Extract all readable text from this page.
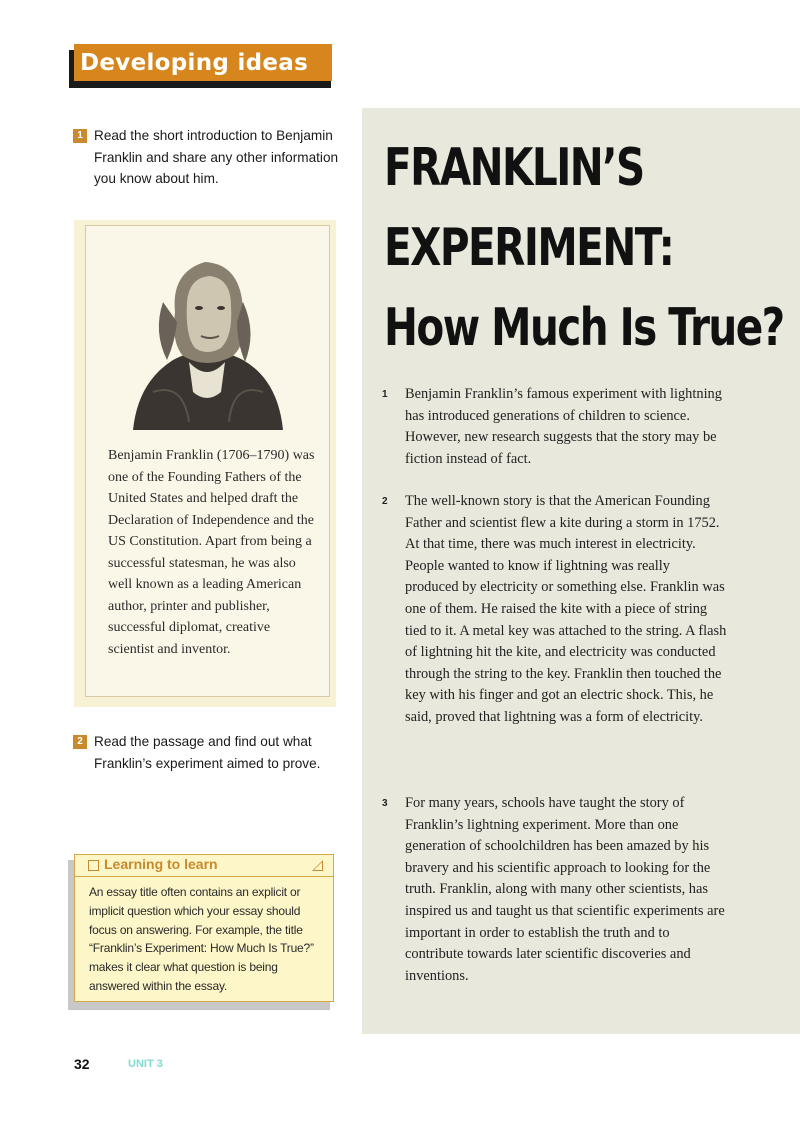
Developing ideas
1 Read the short introduction to Benjamin Franklin and share any other information you know about him.
Benjamin Franklin (1706–1790) was one of the Founding Fathers of the United States and helped draft the Declaration of Independence and the US Constitution. Apart from being a successful statesman, he was also well known as a leading American author, printer and publisher, successful diplomat, creative scientist and inventor.
2 Read the passage and find out what Franklin’s experiment aimed to prove.
Learning to learn
An essay title often contains an explicit or implicit question which your essay should focus on answering. For example, the title “Franklin’s Experiment: How Much Is True?” makes it clear what question is being answered within the essay.
FRANKLIN’S
EXPERIMENT:
How Much Is True?
1 Benjamin Franklin’s famous experiment with lightning has introduced generations of children to science. However, new research suggests that the story may be fiction instead of fact.
2 The well-known story is that the American Founding Father and scientist flew a kite during a storm in 1752. At that time, there was much interest in electricity. People wanted to know if lightning was really produced by electricity or something else. Franklin was one of them. He raised the kite with a piece of string tied to it. A metal key was attached to the string. A flash of lightning hit the kite, and electricity was conducted through the string to the key. Franklin then touched the key with his finger and got an electric shock. This, he said, proved that lightning was a form of electricity.
3 For many years, schools have taught the story of Franklin’s lightning experiment. More than one generation of schoolchildren has been amazed by his bravery and his scientific approach to looking for the truth. Franklin, along with many other scientists, has inspired us and taught us that scientific experiments are important in order to establish the truth and to contribute towards later scientific discoveries and inventions.
32	UNIT 3
